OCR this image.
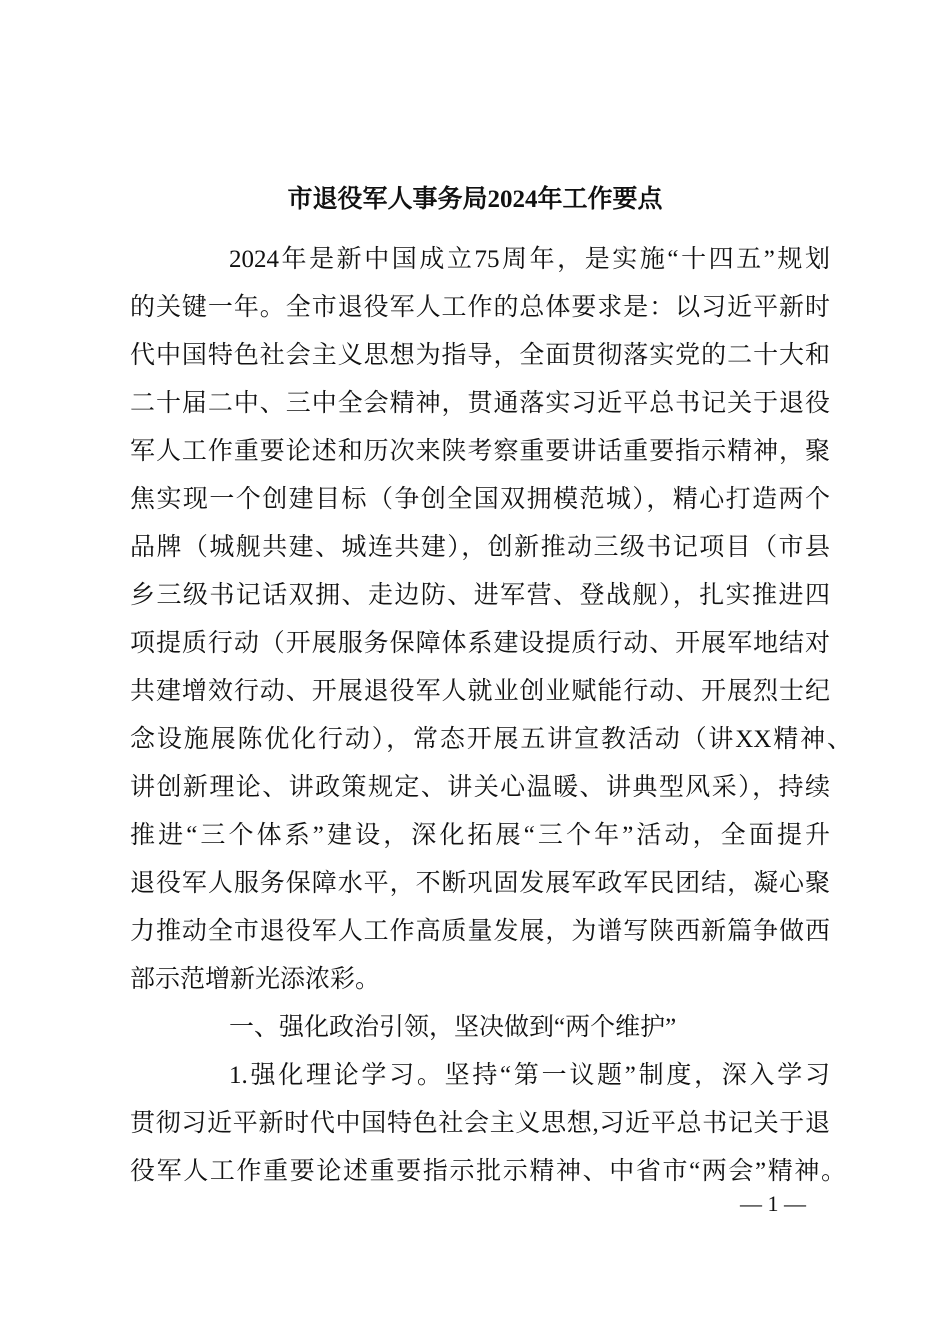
市退役军人事务局2024年工作要点
2024年是新中国成立75周年，是实施“十四五”规划
的关键一年。全市退役军人工作的总体要求是：以习近平新时
代中国特色社会主义思想为指导，全面贯彻落实党的二十大和
二十届二中、三中全会精神，贯通落实习近平总书记关于退役
军人工作重要论述和历次来陕考察重要讲话重要指示精神，聚
焦实现一个创建目标（争创全国双拥模范城），精心打造两个
品牌（城舰共建、城连共建），创新推动三级书记项目（市县
乡三级书记话双拥、走边防、进军营、登战舰），扎实推进四
项提质行动（开展服务保障体系建设提质行动、开展军地结对
共建增效行动、开展退役军人就业创业赋能行动、开展烈士纪
念设施展陈优化行动），常态开展五讲宣教活动（讲XX精神、
讲创新理论、讲政策规定、讲关心温暖、讲典型风采），持续
推进“三个体系”建设，深化拓展“三个年”活动，全面提升
退役军人服务保障水平，不断巩固发展军政军民团结，凝心聚
力推动全市退役军人工作高质量发展，为谱写陕西新篇争做西
部示范增新光添浓彩。
一、强化政治引领，坚决做到“两个维护”
1.强化理论学习。坚持“第一议题”制度，深入学习
贯彻习近平新时代中国特色社会主义思想,习近平总书记关于退
役军人工作重要论述重要指示批示精神、中省市“两会”精神。
— 1 —
